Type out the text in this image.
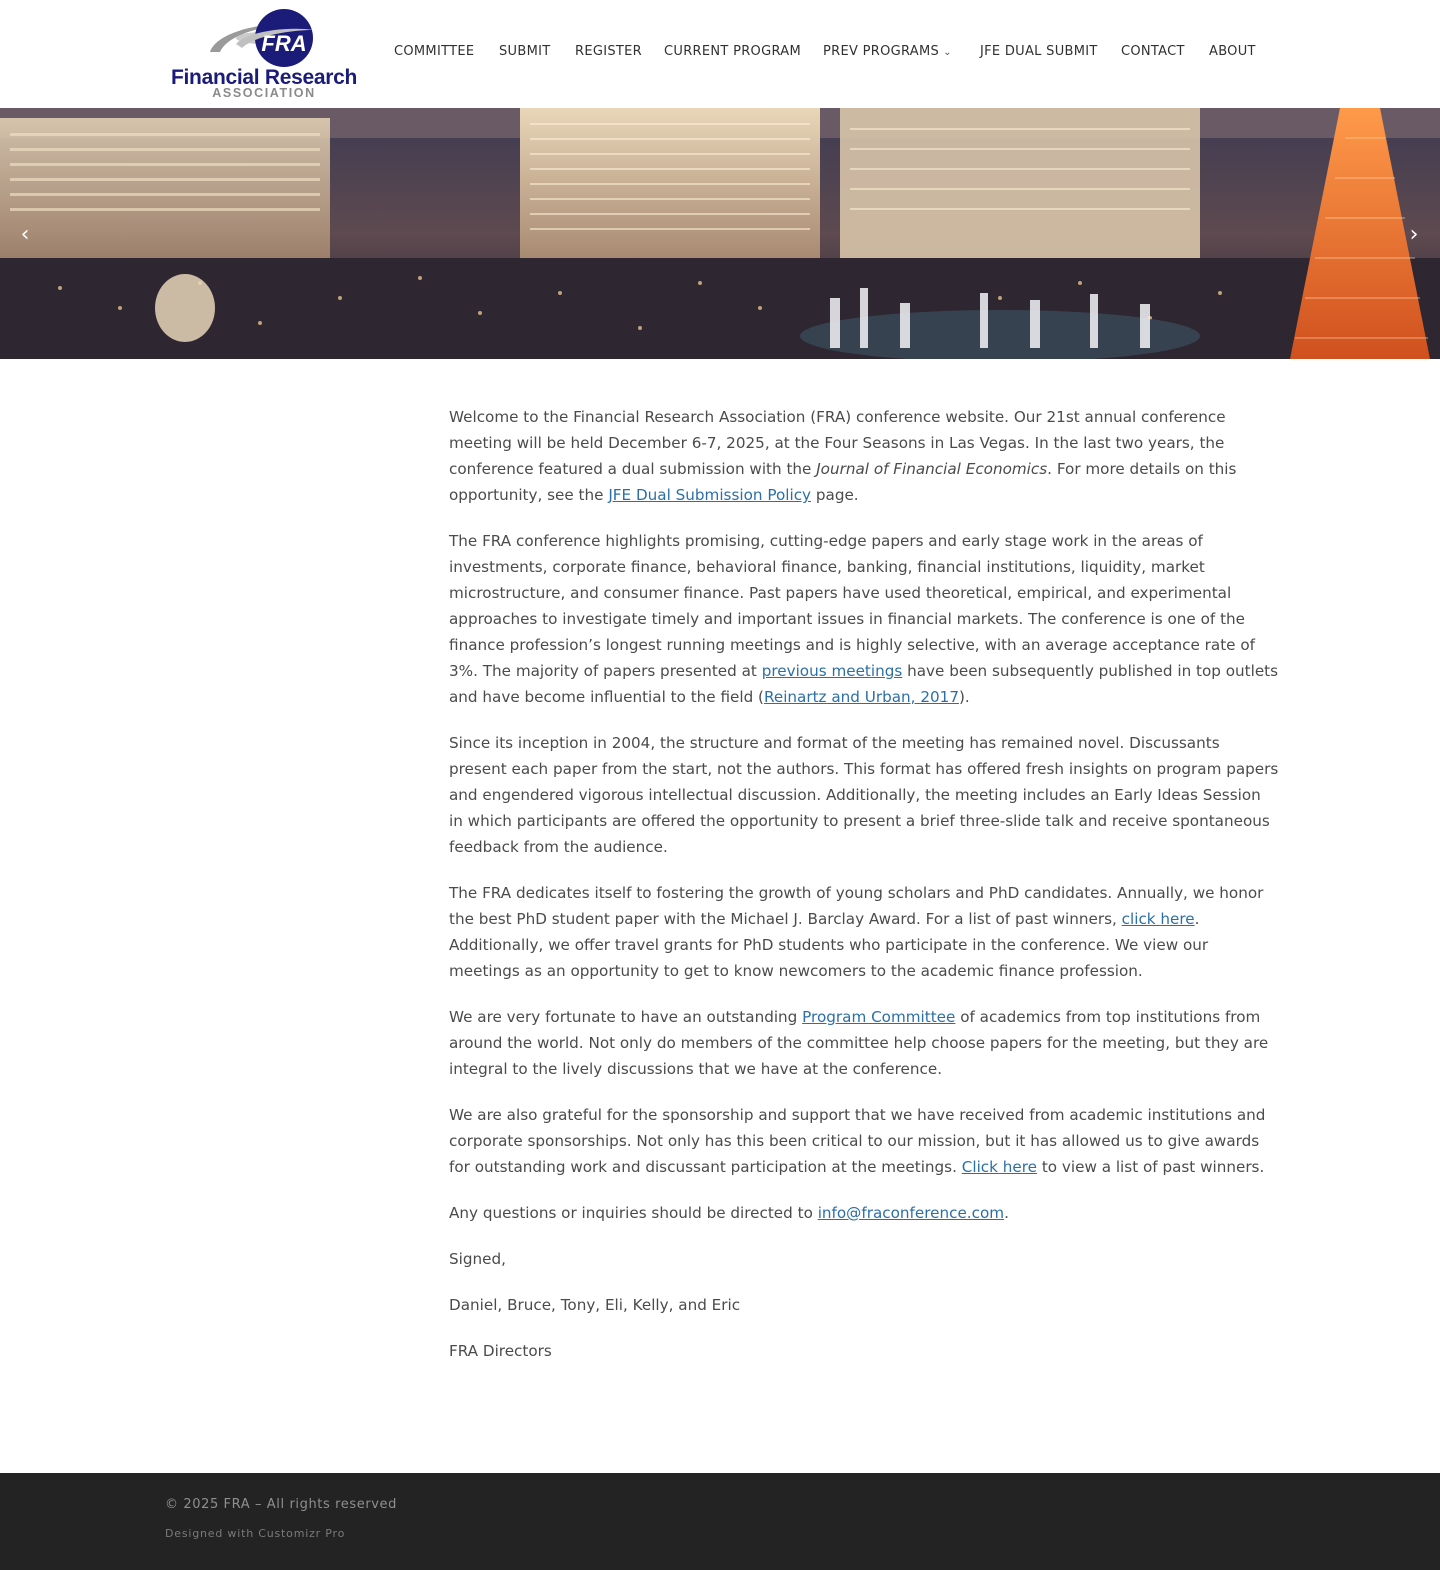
FRA
Financial Research
ASSOCIATION
COMMITTEE SUBMIT REGISTER CURRENT PROGRAM PREV PROGRAMS ⌄ JFE DUAL SUBMIT CONTACT ABOUT
‹	›

Welcome to the Financial Research Association (FRA) conference website. Our 21st annual conference meeting will be held December 6-7, 2025, at the Four Seasons in Las Vegas. In the last two years, the conference featured a dual submission with the Journal of Financial Economics. For more details on this opportunity, see the JFE Dual Submission Policy page.

The FRA conference highlights promising, cutting-edge papers and early stage work in the areas of investments, corporate finance, behavioral finance, banking, financial institutions, liquidity, market microstructure, and consumer finance. Past papers have used theoretical, empirical, and experimental approaches to investigate timely and important issues in financial markets. The conference is one of the finance profession’s longest running meetings and is highly selective, with an average acceptance rate of 3%. The majority of papers presented at previous meetings have been subsequently published in top outlets and have become influential to the field (Reinartz and Urban, 2017).

Since its inception in 2004, the structure and format of the meeting has remained novel. Discussants present each paper from the start, not the authors. This format has offered fresh insights on program papers and engendered vigorous intellectual discussion. Additionally, the meeting includes an Early Ideas Session in which participants are offered the opportunity to present a brief three-slide talk and receive spontaneous feedback from the audience.

The FRA dedicates itself to fostering the growth of young scholars and PhD candidates. Annually, we honor the best PhD student paper with the Michael J. Barclay Award. For a list of past winners, click here. Additionally, we offer travel grants for PhD students who participate in the conference. We view our meetings as an opportunity to get to know newcomers to the academic finance profession.

We are very fortunate to have an outstanding Program Committee of academics from top institutions from around the world. Not only do members of the committee help choose papers for the meeting, but they are integral to the lively discussions that we have at the conference.

We are also grateful for the sponsorship and support that we have received from academic institutions and corporate sponsorships. Not only has this been critical to our mission, but it has allowed us to give awards for outstanding work and discussant participation at the meetings. Click here to view a list of past winners.

Any questions or inquiries should be directed to info@fraconference.com.

Signed,

Daniel, Bruce, Tony, Eli, Kelly, and Eric

FRA Directors

© 2025 FRA – All rights reserved
Designed with Customizr Pro
